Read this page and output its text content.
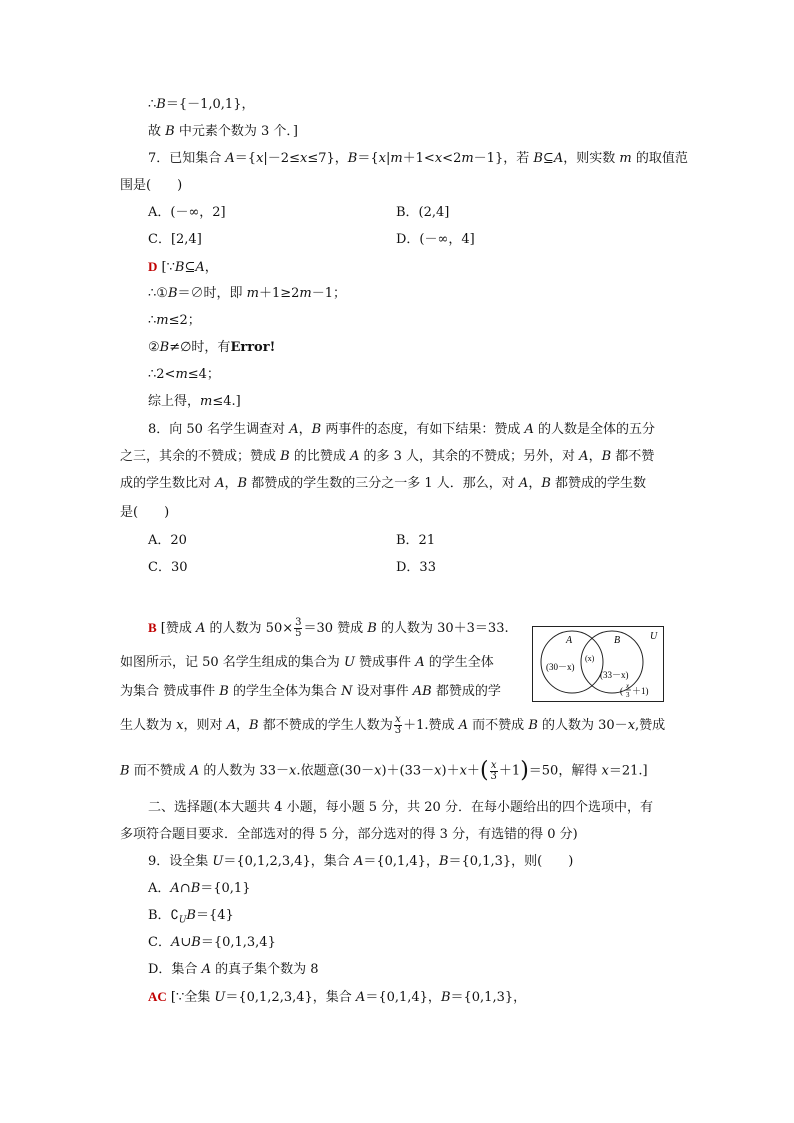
∴B＝{－1,0,1}，
故 B 中元素个数为 3 个．]
7．已知集合 A＝{x|－2≤x≤7}，B＝{x|m＋1<x<2m－1}，若 B⊆A，则实数 m 的取值范
围是(　　)
A．(－∞，2]	B．(2,4]
C．[2,4]	D．(－∞，4]
D [∵B⊆A，
∴①B＝∅时，即 m＋1≥2m－1；
∴m≤2；
②B≠∅时，有Error!
∴2<m≤4；
综上得，m≤4.]
8．向 50 名学生调查对 A，B 两事件的态度，有如下结果：赞成 A 的人数是全体的五分
之三，其余的不赞成；赞成 B 的比赞成 A 的多 3 人，其余的不赞成；另外，对 A，B 都不赞
成的学生数比对 A，B 都赞成的学生数的三分之一多 1 人．那么，对 A，B 都赞成的学生数
是(　　)
A．20	B．21
C．30	D．33
B [赞成 A 的人数为 $50\times \frac{3}{5} =30$ 赞成 B 的人数为 30＋3＝33.
如图所示，记 50 名学生组成的集合为 U 赞成事件 A 的学生全体
为集合 赞成事件 B 的学生全体为集合 N 设对事件 AB 都赞成的学
生人数为 x，则对 A，B 都不赞成的学生人数为 $\frac{x}{3} +1$.赞成 A 而不赞成 B 的人数为 30－x,赞成
B 而不赞成 A 的人数为 33－x.依题意$(30-x)+(33-x)+x+( \frac{x}{3} +1)=50$，解得 x＝21.]
A	B	U
(30－x)
(x)
(33－x)
( x
3 ＋1)
二、选择题(本大题共 4 小题，每小题 5 分，共 20 分．在每小题给出的四个选项中，有
多项符合题目要求．全部选对的得 5 分，部分选对的得 3 分，有选错的得 0 分)
9．设全集 U＝{0,1,2,3,4}，集合 A＝{0,1,4}，B＝{0,1,3}，则(　　)
A．A∩B＝{0,1}
B．$∁_UB=\{4\}$
C．A∪B＝{0,1,3,4}
D．集合 A 的真子集个数为 8
AC [∵全集 U＝{0,1,2,3,4}，集合 A＝{0,1,4}，B＝{0,1,3}，
